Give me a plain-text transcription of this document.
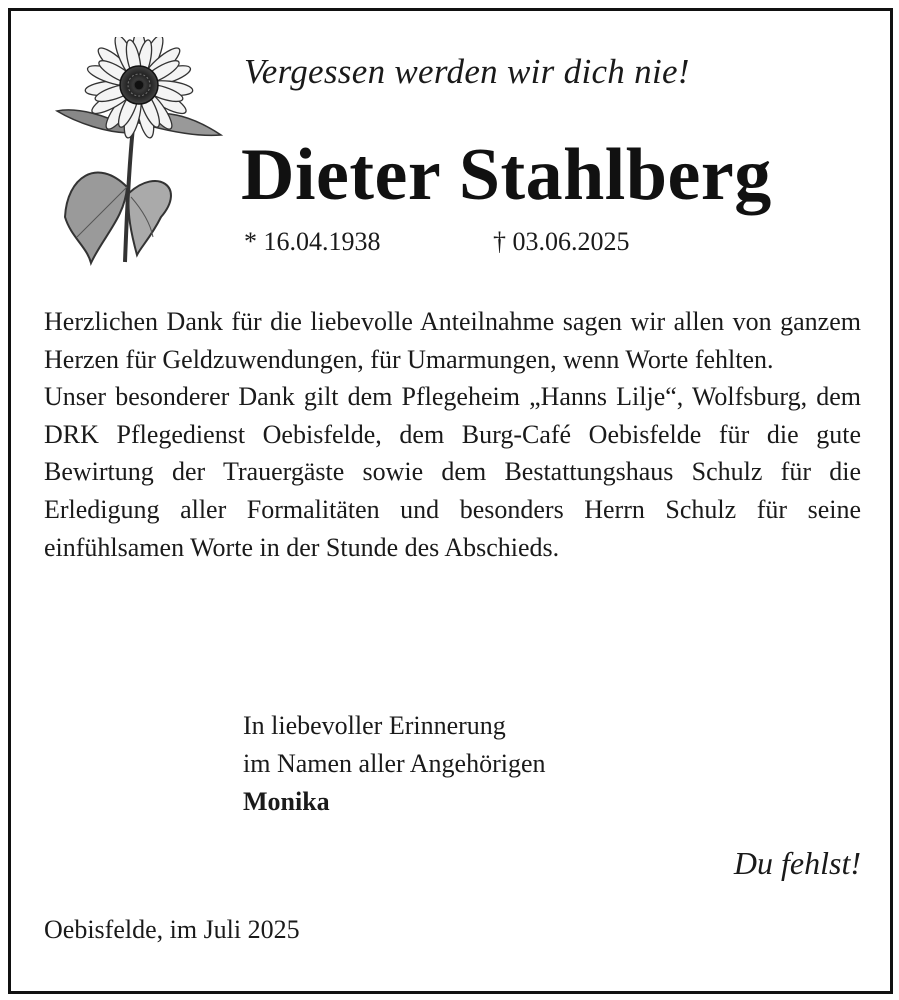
Vergessen werden wir dich nie!
Dieter Stahlberg
* 16.04.1938	† 03.06.2025

Herzlichen Dank für die liebevolle Anteilnahme sagen wir allen von ganzem Herzen für Geldzuwendungen, für Umarmungen, wenn Worte fehlten.

Unser besonderer Dank gilt dem Pflegeheim „Hanns Lilje“, Wolfsburg, dem DRK Pflegedienst Oebisfelde, dem Burg-Café Oebisfelde für die gute Bewirtung der Trauergäste sowie dem Bestattungshaus Schulz für die Erledigung aller Formalitäten und besonders Herrn Schulz für seine einfühlsamen Worte in der Stunde des Abschieds.

In liebevoller Erinnerung
im Namen aller Angehörigen
Monika
Du fehlst!
Oebisfelde, im Juli 2025
